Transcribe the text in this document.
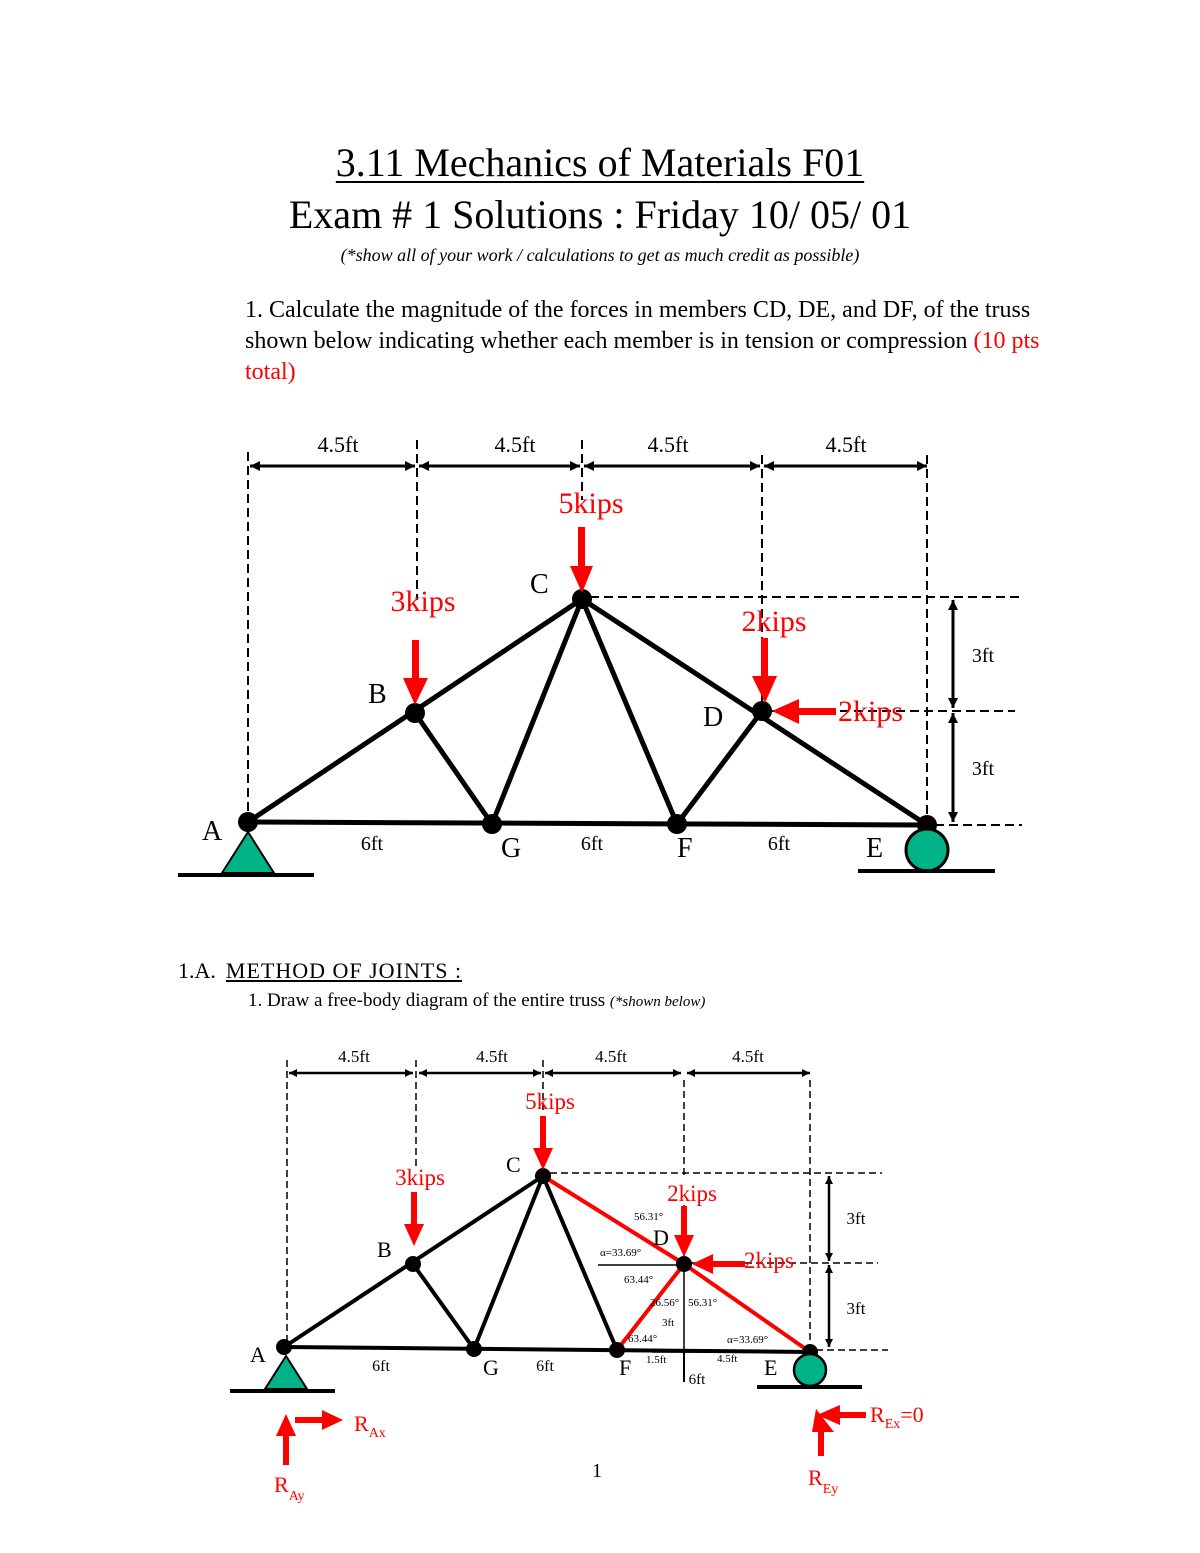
3.11 Mechanics of Materials F01
Exam # 1 Solutions : Friday 10/ 05/ 01
(*show all of your work / calculations to get as much credit as possible)
1. Calculate the magnitude of the forces in members CD, DE, and DF, of the truss shown below indicating whether each member is in tension or compression (10 pts total)
4.5ft	4.5ft	4.5ft	4.5ft
3ft
3ft
A
B
C
D
E
F
G
6ft	6ft	6ft
5kips
3kips
2kips
2kips
4.5ft	4.5ft	4.5ft	4.5ft
3ft
3ft
A
B
C
D
E
F
G
6ft	6ft
6ft
56.31°
α=33.69°
63.44°
26.56° 56.31°
3ft
63.44°
1.5ft
α=33.69°
4.5ft
5kips
3kips
2kips
2kips
$R_{Ax}$
$R_{Ay}$
$R_{Ex}=0$
$R_{Ey}$
1.A. METHOD OF JOINTS :
1. Draw a free-body diagram of the entire truss (*shown below)
1
